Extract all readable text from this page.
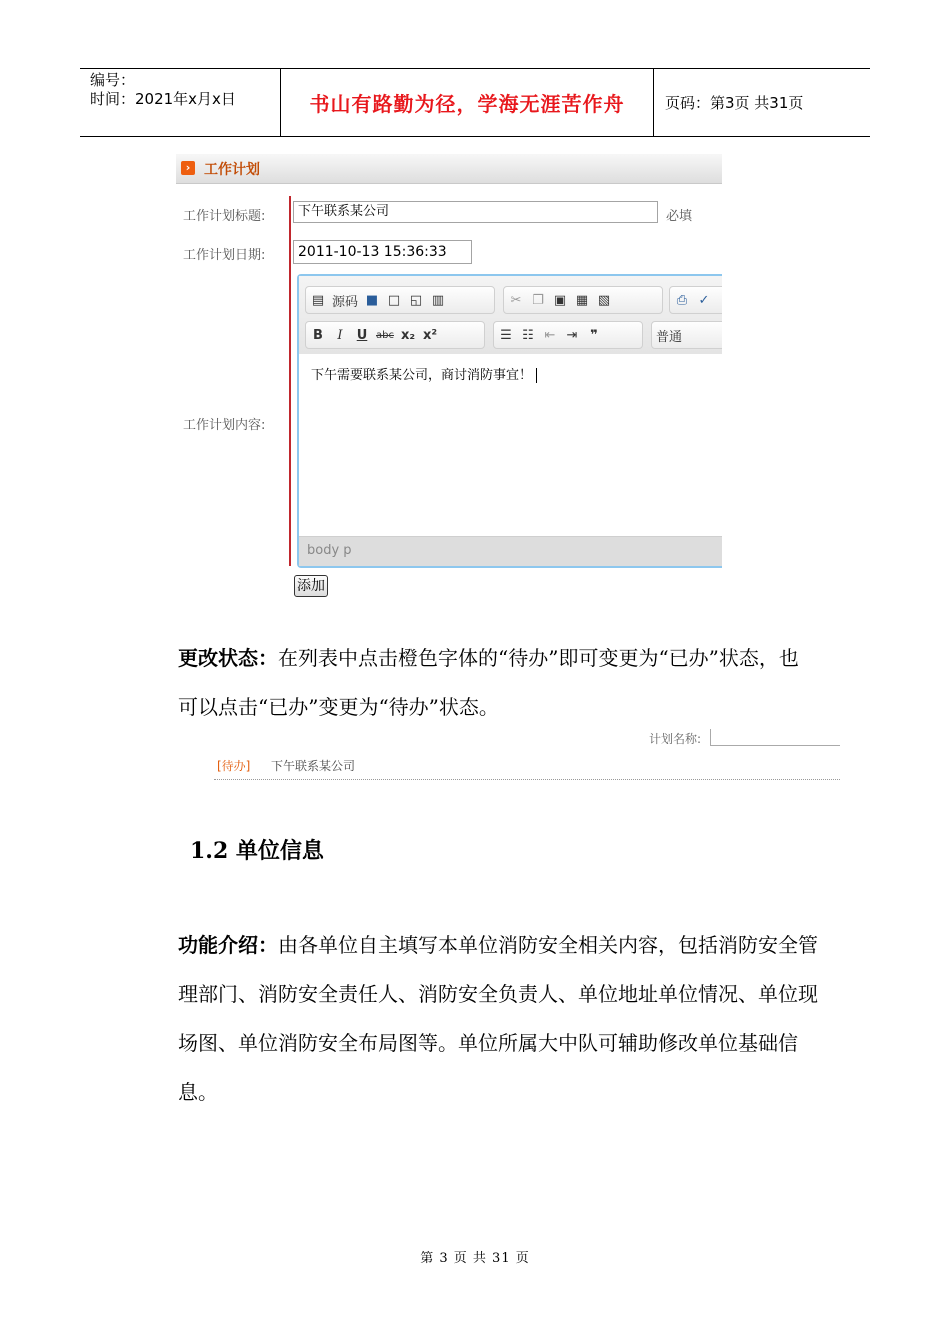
编号：
时间：2021年x月x日	书山有路勤为径，学海无涯苦作舟	页码：第3页 共31页
› 工作计划
工作计划标题:	下午联系某公司	必填
工作计划日期:	2011-10-13 15:36:33
工作计划内容:
▤ 源码 ■ □ ◱ ▥	✂ ❐ ▣ ▦ ▧	⎙ ✓
B	I	U abc x₂ x²	☰ ☷ ⇤ ⇥ ❞	普通
下午需要联系某公司，商讨消防事宜！
body p
添加
更改状态：在列表中点击橙色字体的“待办”即可变更为“已办”状态，也可以点击“已办”变更为“待办”状态。
计划名称:
[待办] 下午联系某公司
1.2 单位信息
功能介绍：由各单位自主填写本单位消防安全相关内容，包括消防安全管理部门、消防安全责任人、消防安全负责人、单位地址单位情况、单位现场图、单位消防安全布局图等。单位所属大中队可辅助修改单位基础信息。
第 3 页 共 31 页
